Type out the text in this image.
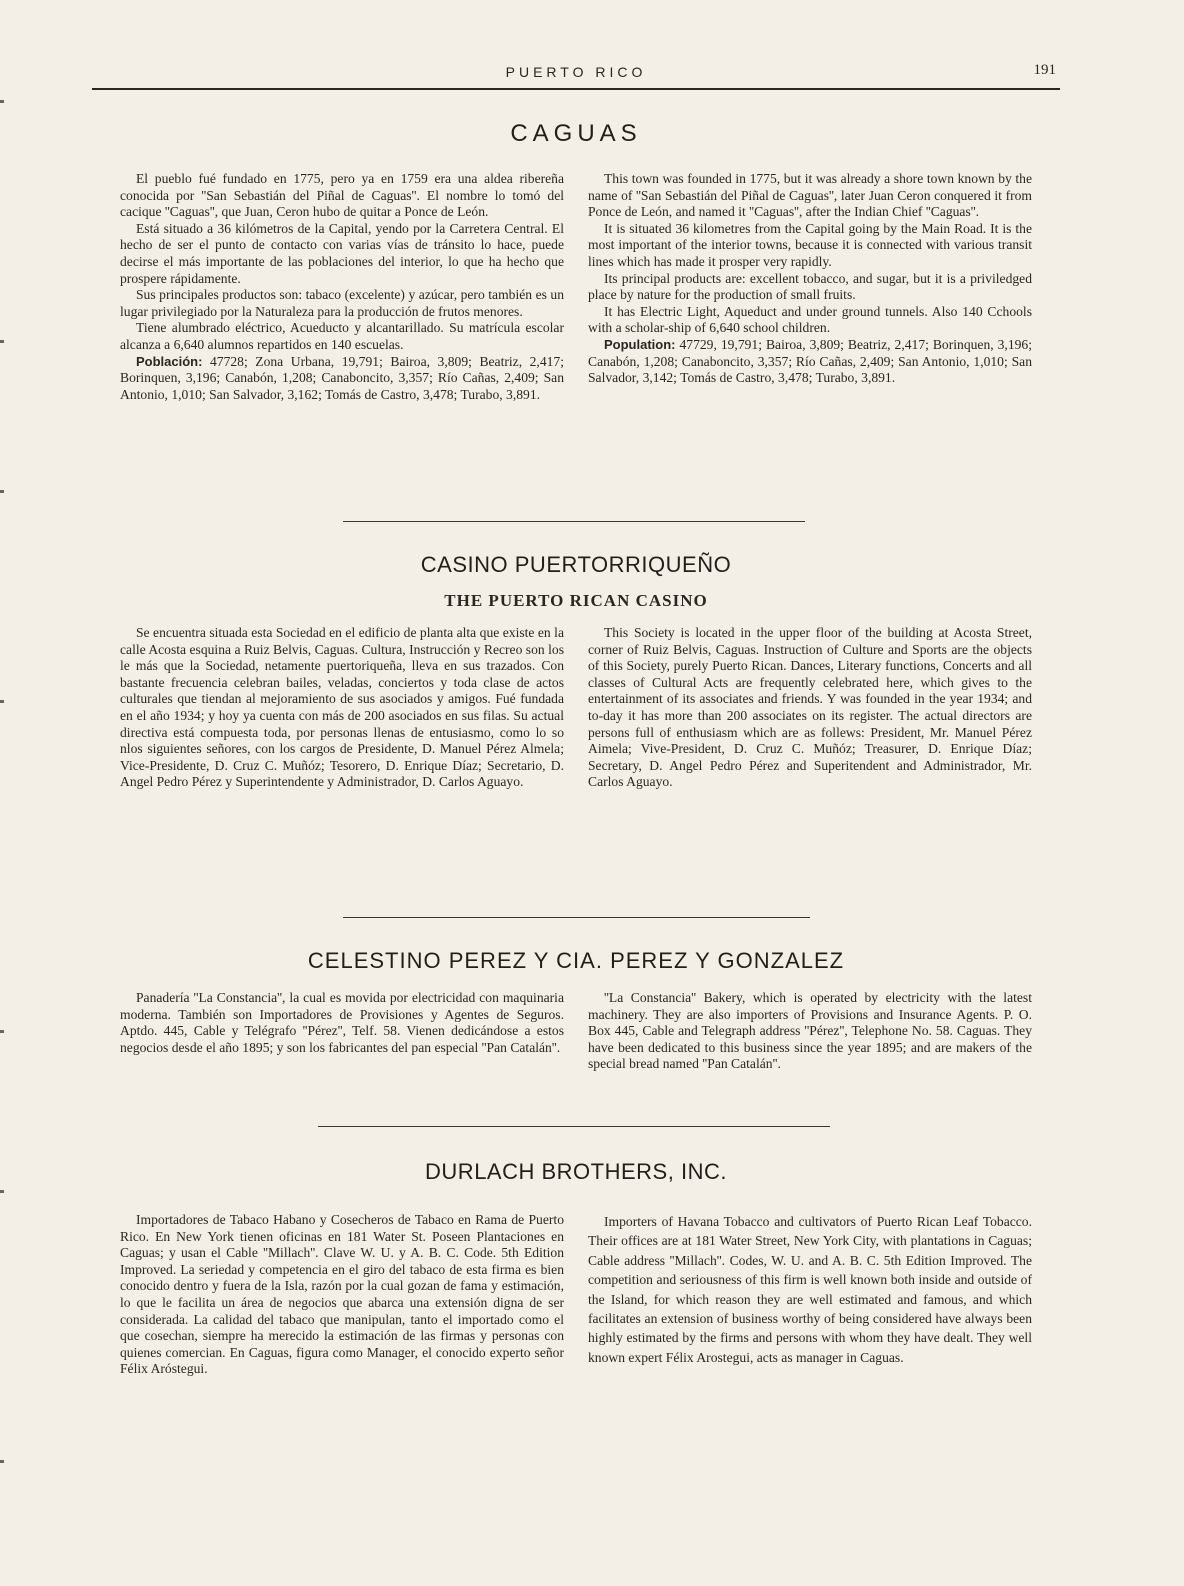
PUERTO RICO	191
CAGUAS

El pueblo fué fundado en 1775, pero ya en 1759 era una aldea ribereña conocida por ''San Sebastián del Piñal de Caguas''. El nombre lo tomó del cacique ''Caguas'', que Juan, Ceron hubo de quitar a Ponce de León.

Está situado a 36 kilómetros de la Capital, yendo por la Carretera Central. El hecho de ser el punto de contacto con varias vías de tránsito lo hace, puede decirse el más importante de las poblaciones del interior, lo que ha hecho que prospere rápidamente.

Sus principales productos son: tabaco (excelente) y azúcar, pero también es un lugar privilegiado por la Naturaleza para la producción de frutos menores.

Tiene alumbrado eléctrico, Acueducto y alcantarillado. Su matrícula escolar alcanza a 6,640 alumnos repartidos en 140 escuelas.

Población: 47728; Zona Urbana, 19,791; Bairoa, 3,809; Beatriz, 2,417; Borinquen, 3,196; Canabón, 1,208; Canaboncito, 3,357; Río Cañas, 2,409; San Antonio, 1,010; San Salvador, 3,162; Tomás de Castro, 3,478; Turabo, 3,891.

This town was founded in 1775, but it was already a shore town known by the name of ''San Sebastián del Piñal de Caguas'', later Juan Ceron conquered it from Ponce de León, and named it ''Caguas'', after the Indian Chief ''Caguas''.

It is situated 36 kilometres from the Capital going by the Main Road. It is the most important of the interior towns, because it is connected with various transit lines which has made it prosper very rapidly.

Its principal products are: excellent tobacco, and sugar, but it is a priviledged place by nature for the production of small fruits.

It has Electric Light, Aqueduct and under ground tunnels. Also 140 Cchools with a scholar-ship of 6,640 school children.

Population: 47729, 19,791; Bairoa, 3,809; Beatriz, 2,417; Borinquen, 3,196; Canabón, 1,208; Canaboncito, 3,357; Río Cañas, 2,409; San Antonio, 1,010; San Salvador, 3,142; Tomás de Castro, 3,478; Turabo, 3,891.

CASINO PUERTORRIQUEÑO
THE PUERTO RICAN CASINO

Se encuentra situada esta Sociedad en el edificio de planta alta que existe en la calle Acosta esquina a Ruiz Belvis, Caguas. Cultura, Instrucción y Recreo son los le más que la Sociedad, netamente puertoriqueña, lleva en sus trazados. Con bastante frecuencia celebran bailes, veladas, conciertos y toda clase de actos culturales que tiendan al mejoramiento de sus asociados y amigos. Fué fundada en el año 1934; y hoy ya cuenta con más de 200 asociados en sus filas. Su actual directiva está compuesta toda, por personas llenas de entusiasmo, como lo so nlos siguientes señores, con los cargos de Presidente, D. Manuel Pérez Almela; Vice-Presidente, D. Cruz C. Muñóz; Tesorero, D. Enrique Díaz; Secretario, D. Angel Pedro Pérez y Superintendente y Administrador, D. Carlos Aguayo.

This Society is located in the upper floor of the building at Acosta Street, corner of Ruiz Belvis, Caguas. Instruction of Culture and Sports are the objects of this Society, purely Puerto Rican. Dances, Literary functions, Concerts and all classes of Cultural Acts are frequently celebrated here, which gives to the entertainment of its associates and friends. Y was founded in the year 1934; and to-day it has more than 200 associates on its register. The actual directors are persons full of enthusiasm which are as follews: President, Mr. Manuel Pérez Aimela; Vive-President, D. Cruz C. Muñóz; Treasurer, D. Enrique Díaz; Secretary, D. Angel Pedro Pérez and Superitendent and Administrador, Mr. Carlos Aguayo.

CELESTINO PEREZ Y CIA. PEREZ Y GONZALEZ

Panadería ''La Constancia'', la cual es movida por electricidad con maquinaria moderna. También son Importadores de Provisiones y Agentes de Seguros. Aptdo. 445, Cable y Telégrafo ''Pérez'', Telf. 58. Vienen dedicándose a estos negocios desde el año 1895; y son los fabricantes del pan especial ''Pan Catalán''.

''La Constancia'' Bakery, which is operated by electricity with the latest machinery. They are also importers of Provisions and Insurance Agents. P. O. Box 445, Cable and Telegraph address ''Pérez'', Telephone No. 58. Caguas. They have been dedicated to this business since the year 1895; and are makers of the special bread named ''Pan Catalán''.

DURLACH BROTHERS, INC.

Importadores de Tabaco Habano y Cosecheros de Tabaco en Rama de Puerto Rico. En New York tienen oficinas en 181 Water St. Poseen Plantaciones en Caguas; y usan el Cable ''Millach''. Clave W. U. y A. B. C. Code. 5th Edition Improved. La seriedad y competencia en el giro del tabaco de esta firma es bien conocido dentro y fuera de la Isla, razón por la cual gozan de fama y estimación, lo que le facilita un área de negocios que abarca una extensión digna de ser considerada. La calidad del tabaco que manipulan, tanto el importado como el que cosechan, siempre ha merecido la estimación de las firmas y personas con quienes comercian. En Caguas, figura como Manager, el conocido experto señor Félix Aróstegui.

Importers of Havana Tobacco and cultivators of Puerto Rican Leaf Tobacco. Their offices are at 181 Water Street, New York City, with plantations in Caguas; Cable address ''Millach''. Codes, W. U. and A. B. C. 5th Edition Improved. The competition and seriousness of this firm is well known both inside and outside of the Island, for which reason they are well estimated and famous, and which facilitates an extension of business worthy of being considered have always been highly estimated by the firms and persons with whom they have dealt. They well known expert Félix Arostegui, acts as manager in Caguas.
